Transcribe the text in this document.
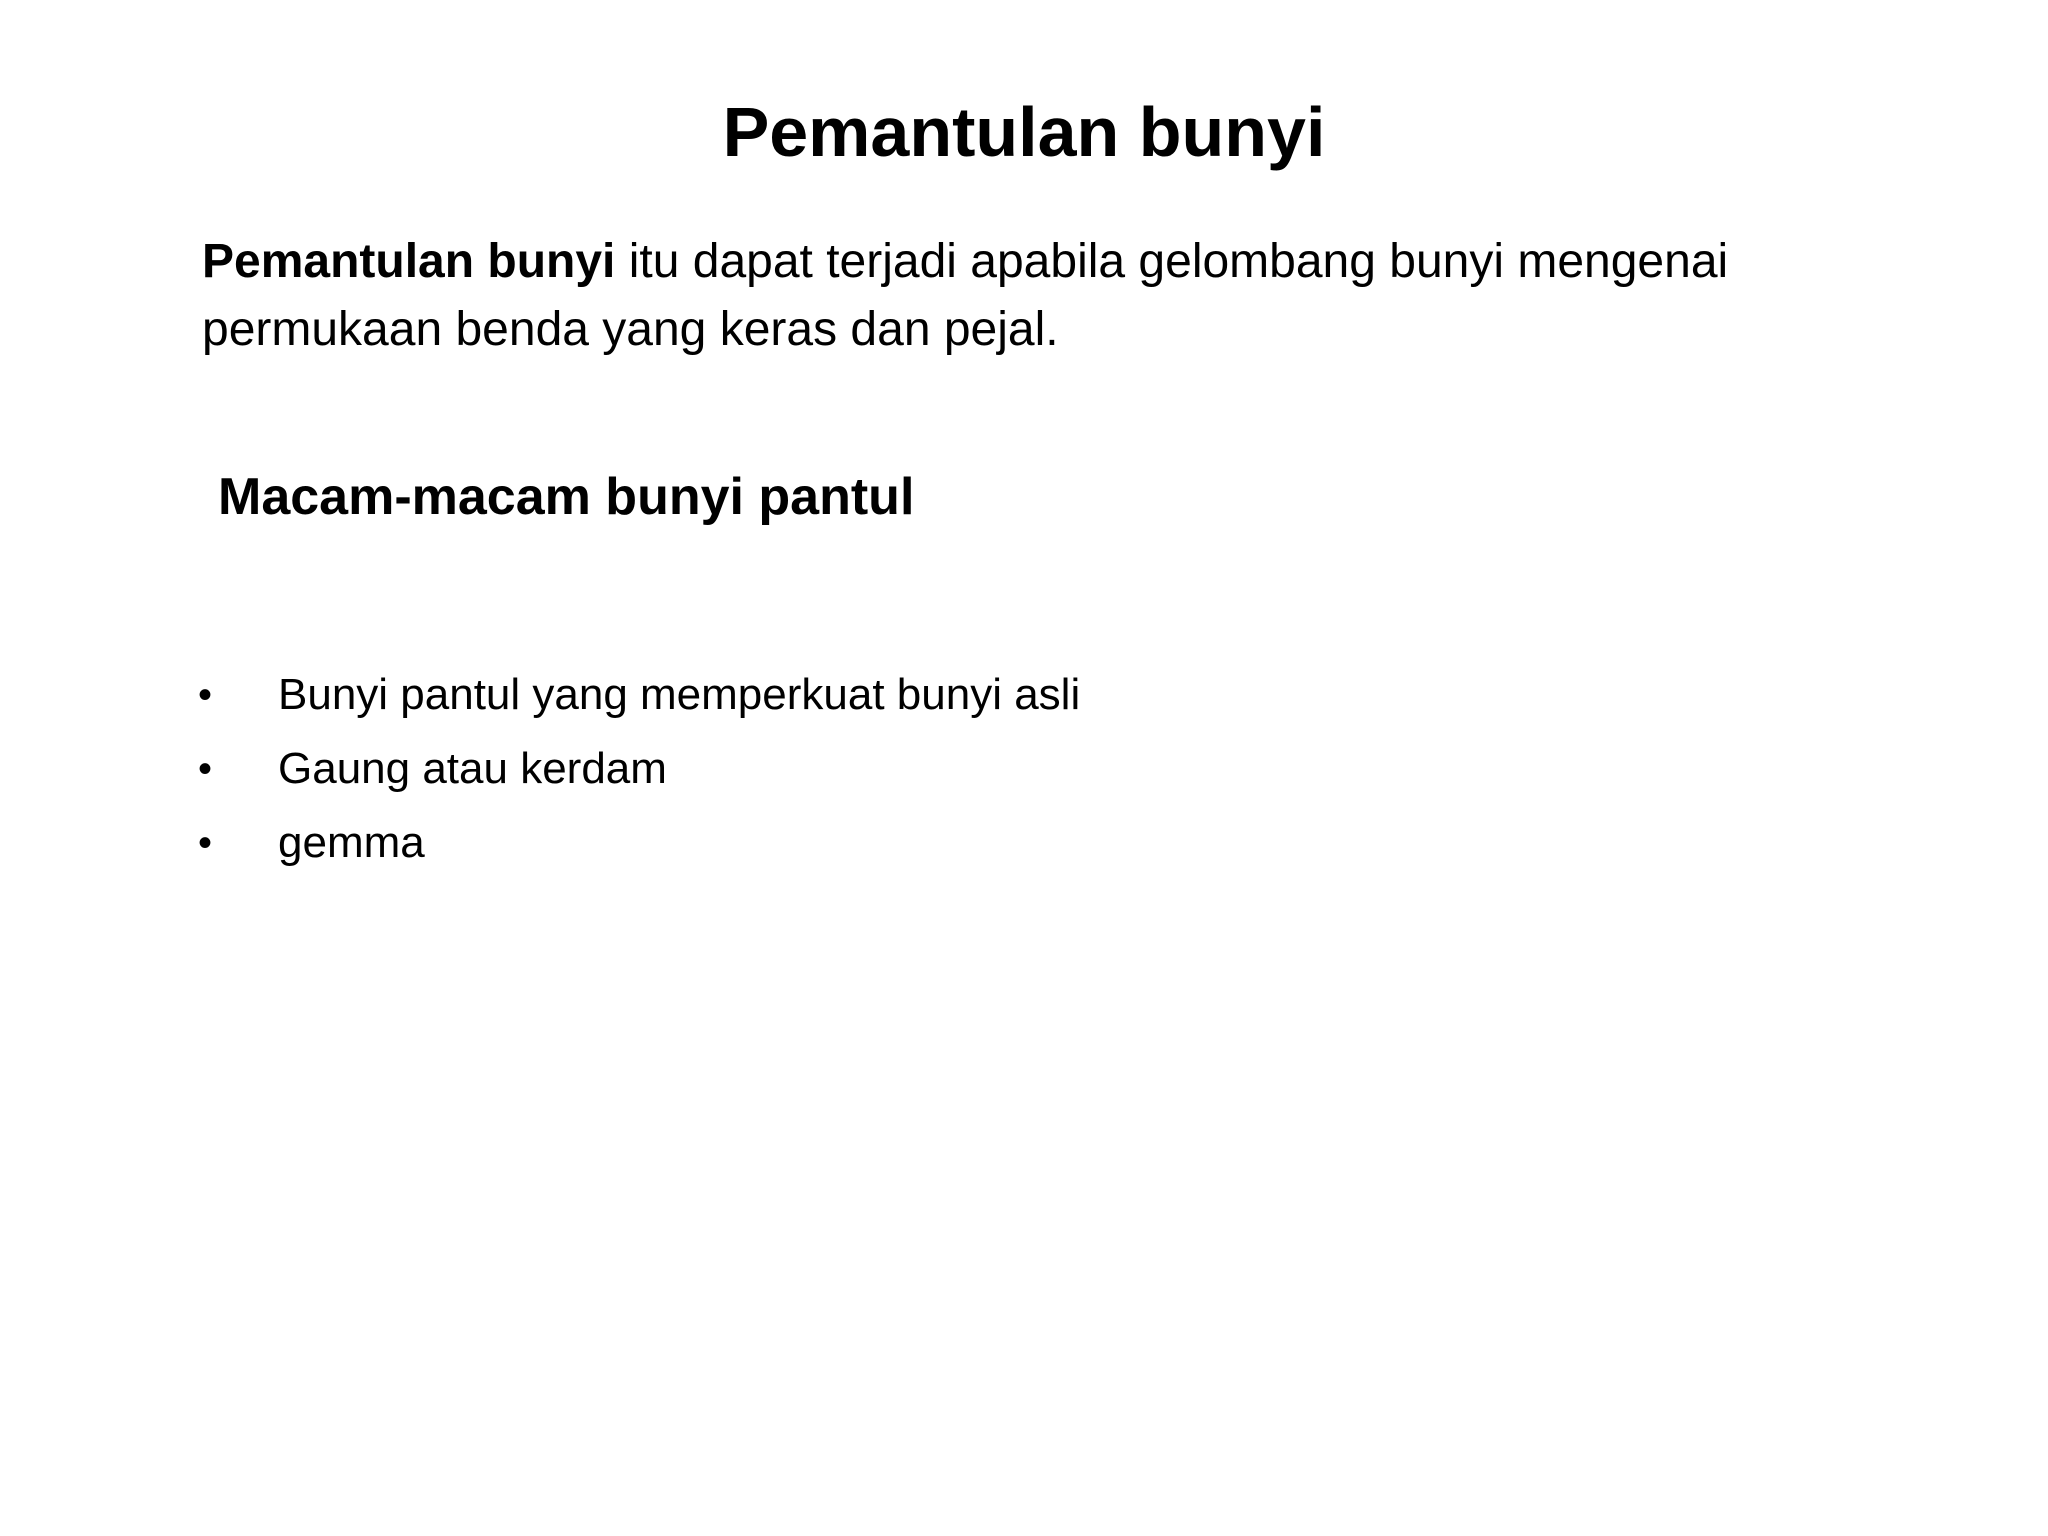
Pemantulan bunyi

Pemantulan bunyi itu dapat terjadi apabila gelombang bunyi mengenai permukaan benda yang keras dan pejal.

Macam-macam bunyi pantul
•	Bunyi pantul yang memperkuat bunyi asli
•	Gaung atau kerdam
•	gemma
